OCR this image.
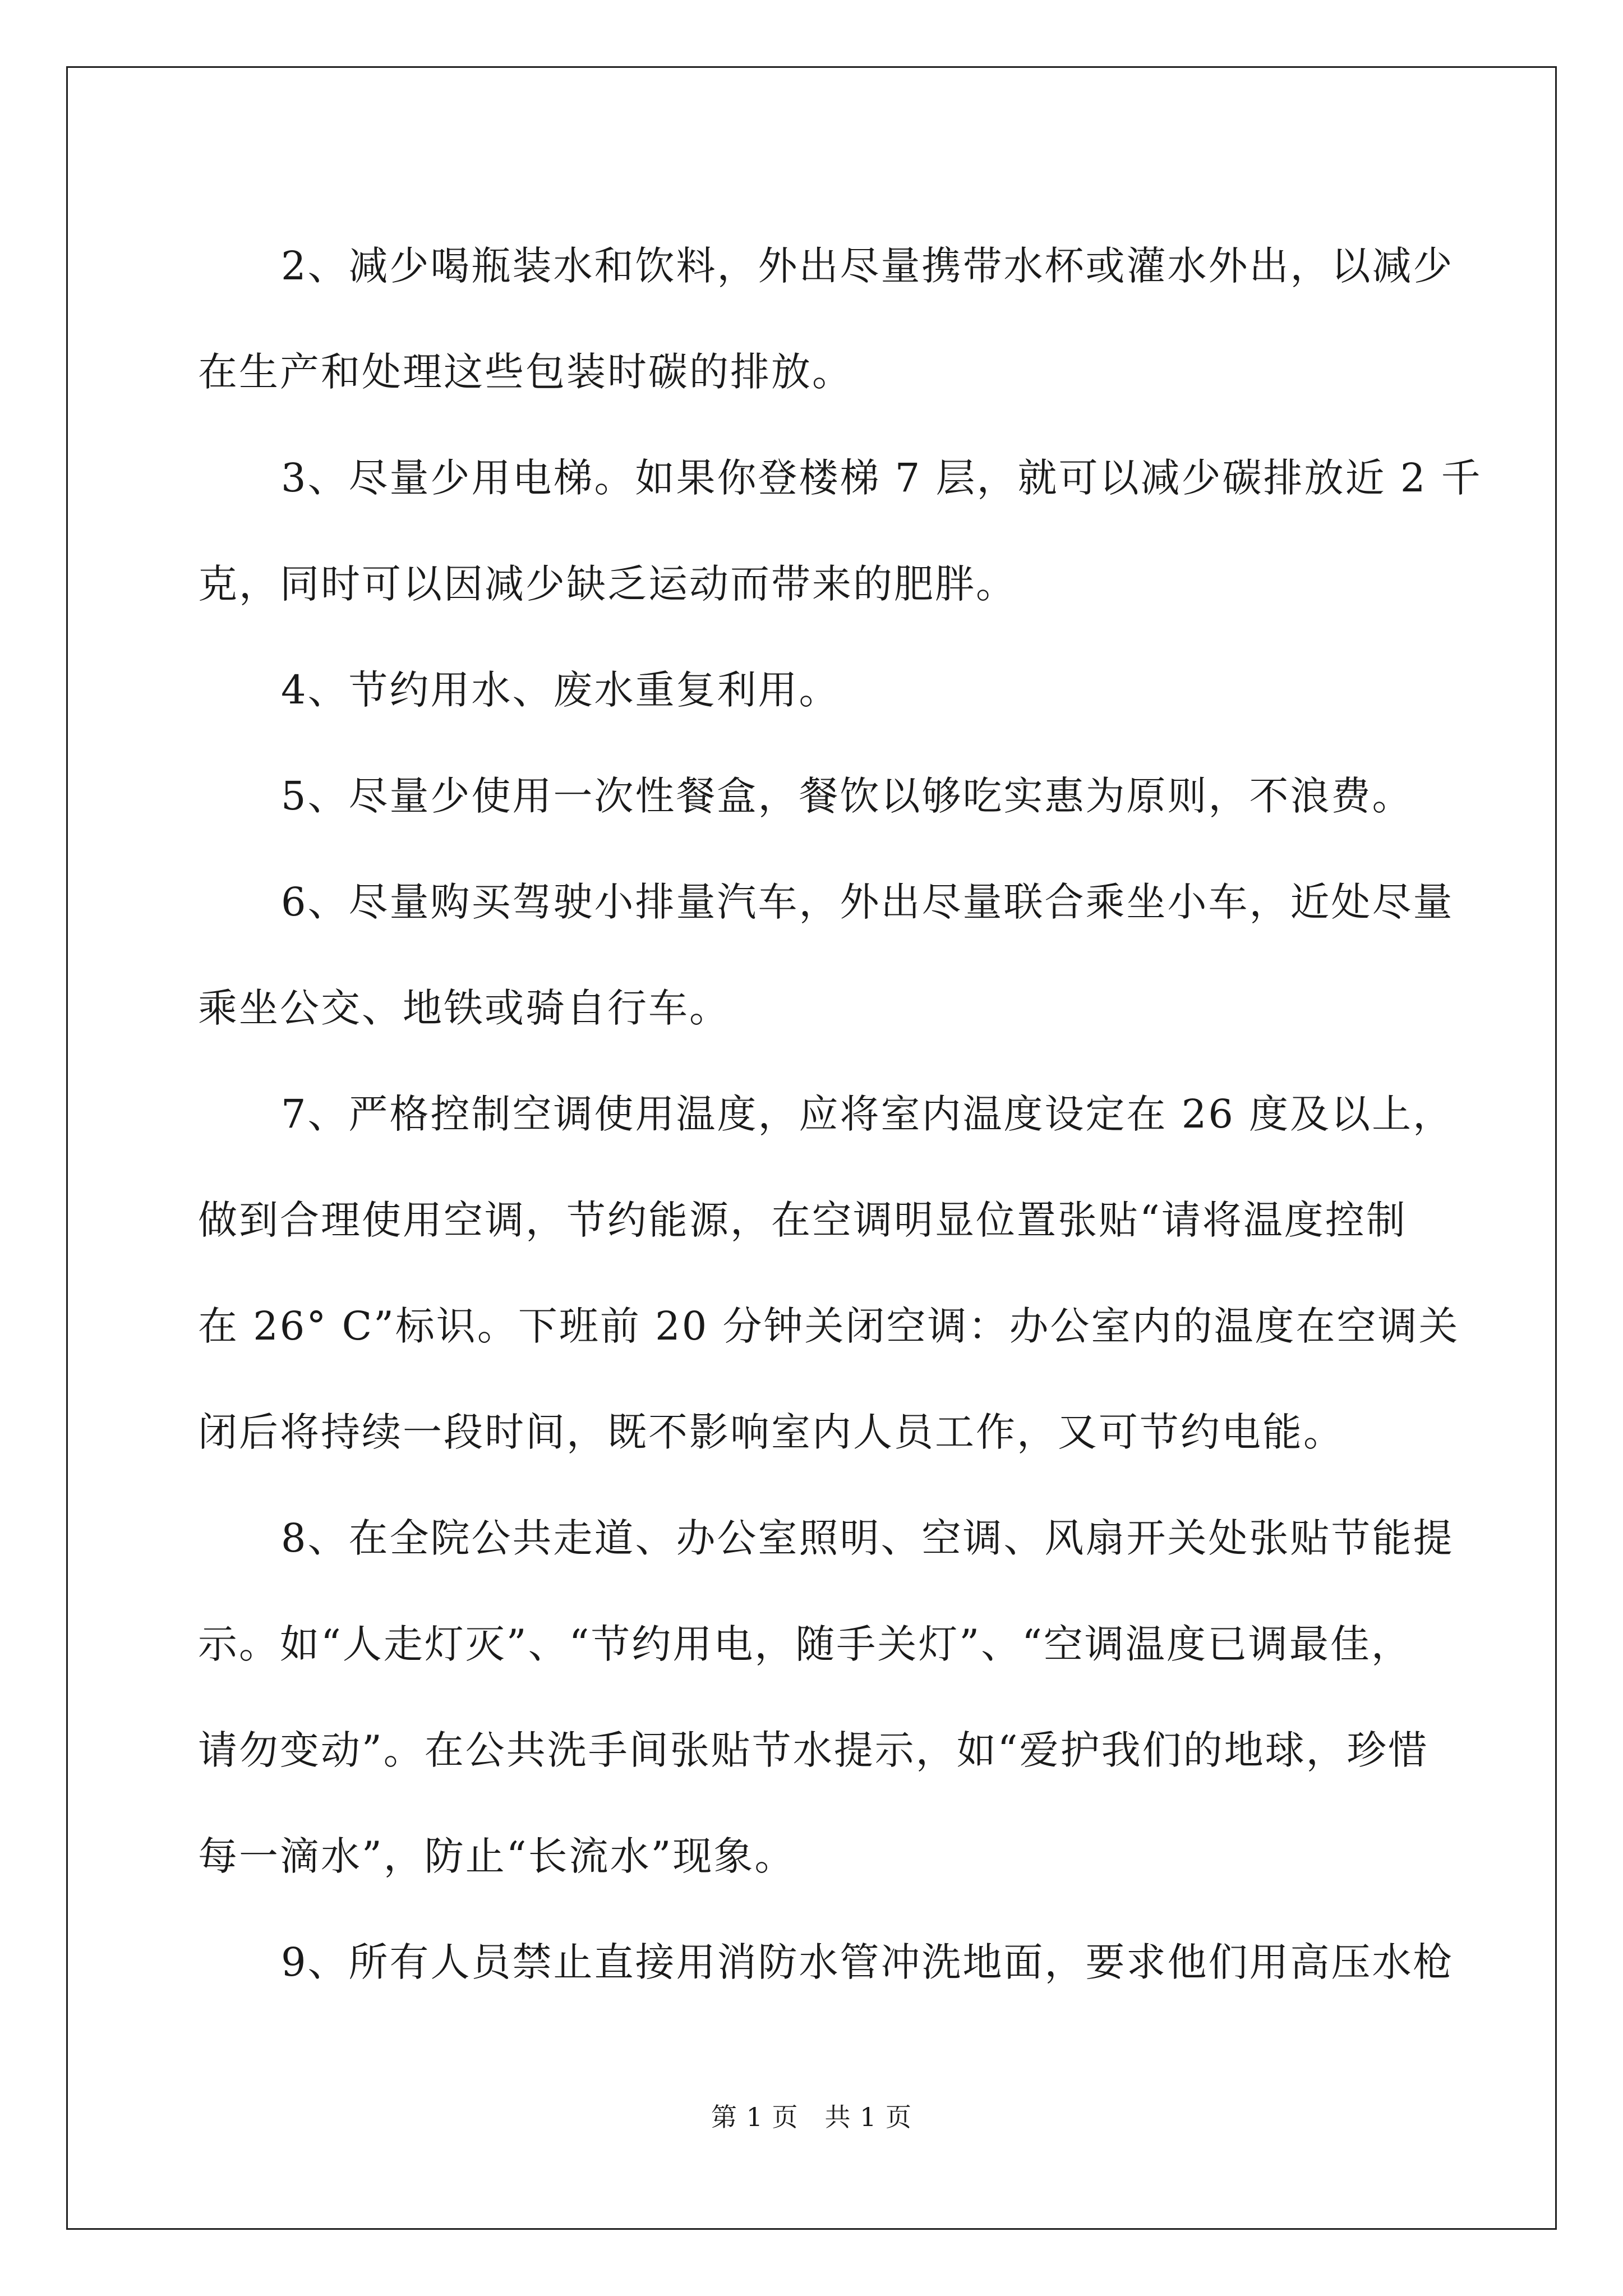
2、减少喝瓶装水和饮料，外出尽量携带水杯或灌水外出，以减少
在生产和处理这些包装时碳的排放。
3、尽量少用电梯。如果你登楼梯 7 层，就可以减少碳排放近 2 千
克，同时可以因减少缺乏运动而带来的肥胖。
4、节约用水、废水重复利用。
5、尽量少使用一次性餐盒，餐饮以够吃实惠为原则，不浪费。
6、尽量购买驾驶小排量汽车，外出尽量联合乘坐小车，近处尽量
乘坐公交、地铁或骑自行车。
7、严格控制空调使用温度，应将室内温度设定在 26 度及以上，
做到合理使用空调，节约能源，在空调明显位置张贴“请将温度控制
在 26° C”标识。下班前 20 分钟关闭空调：办公室内的温度在空调关
闭后将持续一段时间，既不影响室内人员工作，又可节约电能。
8、在全院公共走道、办公室照明、空调、风扇开关处张贴节能提
示。如“人走灯灭”、“节约用电，随手关灯”、“空调温度已调最佳，
请勿变动”。在公共洗手间张贴节水提示，如“爱护我们的地球，珍惜
每一滴水”，防止“长流水”现象。
9、所有人员禁止直接用消防水管冲洗地面，要求他们用高压水枪
第 1 页　共 1 页
